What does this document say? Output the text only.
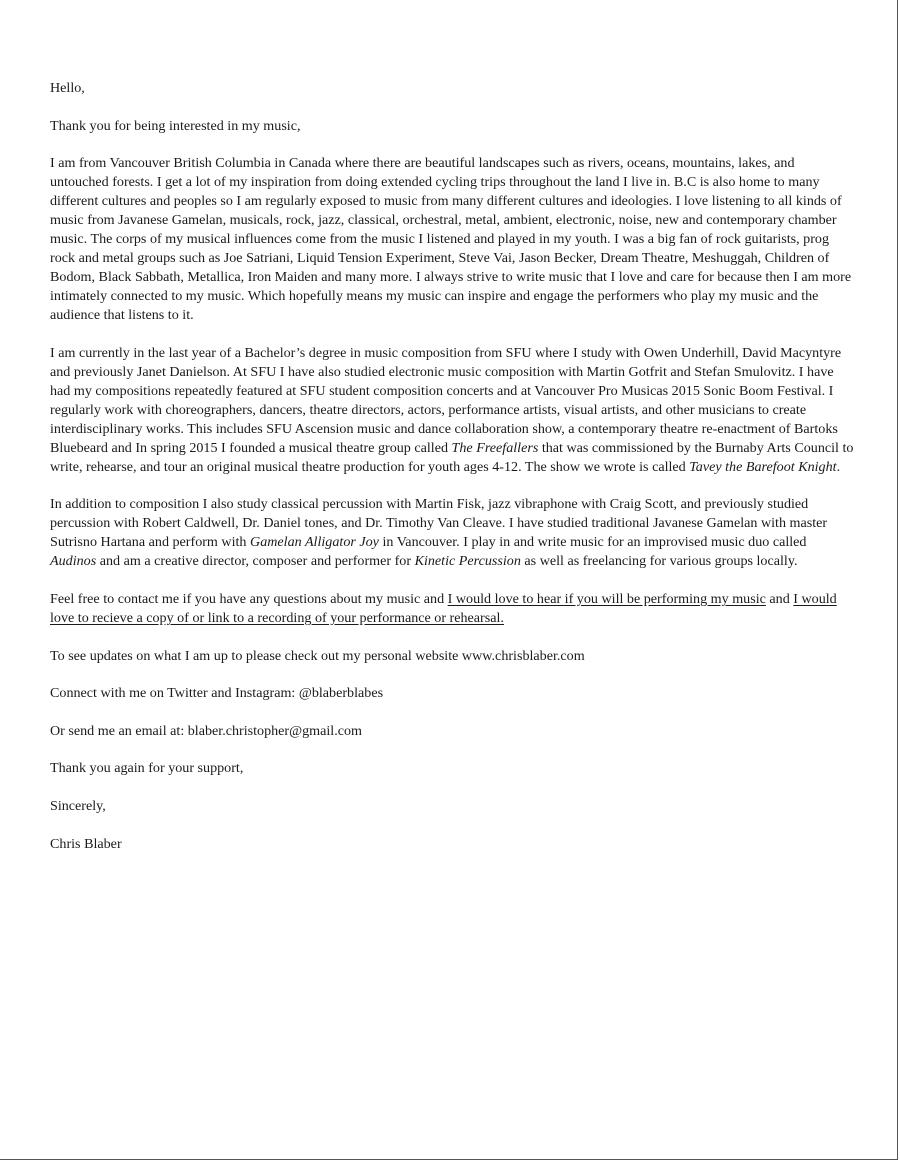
Hello,

Thank you for being interested in my music,

I am from Vancouver British Columbia in Canada where there are beautiful landscapes such as rivers, oceans, mountains, lakes, and untouched forests. I get a lot of my inspiration from doing extended cycling trips throughout the land I live in. B.C is also home to many different cultures and peoples so I am regularly exposed to music from many different cultures and ideologies. I love listening to all kinds of music from Javanese Gamelan, musicals, rock, jazz, classical, orchestral, metal, ambient, electronic, noise, new and contemporary chamber music. The corps of my musical influences come from the music I listened and played in my youth. I was a big fan of rock guitarists, prog rock and metal groups such as Joe Satriani, Liquid Tension Experiment, Steve Vai, Jason Becker, Dream Theatre, Meshuggah, Children of Bodom, Black Sabbath, Metallica, Iron Maiden and many more. I always strive to write music that I love and care for because then I am more intimately connected to my music. Which hopefully means my music can inspire and engage the performers who play my music and the audience that listens to it.

I am currently in the last year of a Bachelor’s degree in music composition from SFU where I study with Owen Underhill, David Macyntyre and previously Janet Danielson. At SFU I have also studied electronic music composition with Martin Gotfrit and Stefan Smulovitz. I have had my compositions repeatedly featured at SFU student composition concerts and at Vancouver Pro Musicas 2015 Sonic Boom Festival. I regularly work with choreographers, dancers, theatre directors, actors, performance artists, visual artists, and other musicians to create interdisciplinary works. This includes SFU Ascension music and dance collaboration show, a contemporary theatre re-enactment of Bartoks Bluebeard and In spring 2015 I founded a musical theatre group called The Freefallers that was commissioned by the Burnaby Arts Council to write, rehearse, and tour an original musical theatre production for youth ages 4-12. The show we wrote is called Tavey the Barefoot Knight.

In addition to composition I also study classical percussion with Martin Fisk, jazz vibraphone with Craig Scott, and previously studied percussion with Robert Caldwell, Dr. Daniel tones, and Dr. Timothy Van Cleave. I have studied traditional Javanese Gamelan with master Sutrisno Hartana and perform with Gamelan Alligator Joy in Vancouver. I play in and write music for an improvised music duo called Audinos and am a creative director, composer and performer for Kinetic Percussion as well as freelancing for various groups locally.

Feel free to contact me if you have any questions about my music and I would love to hear if you will be performing my music and I would love to recieve a copy of or link to a recording of your performance or rehearsal.

To see updates on what I am up to please check out my personal website www.chrisblaber.com

Connect with me on Twitter and Instagram: @blaberblabes

Or send me an email at: blaber.christopher@gmail.com

Thank you again for your support,

Sincerely,

Chris Blaber
